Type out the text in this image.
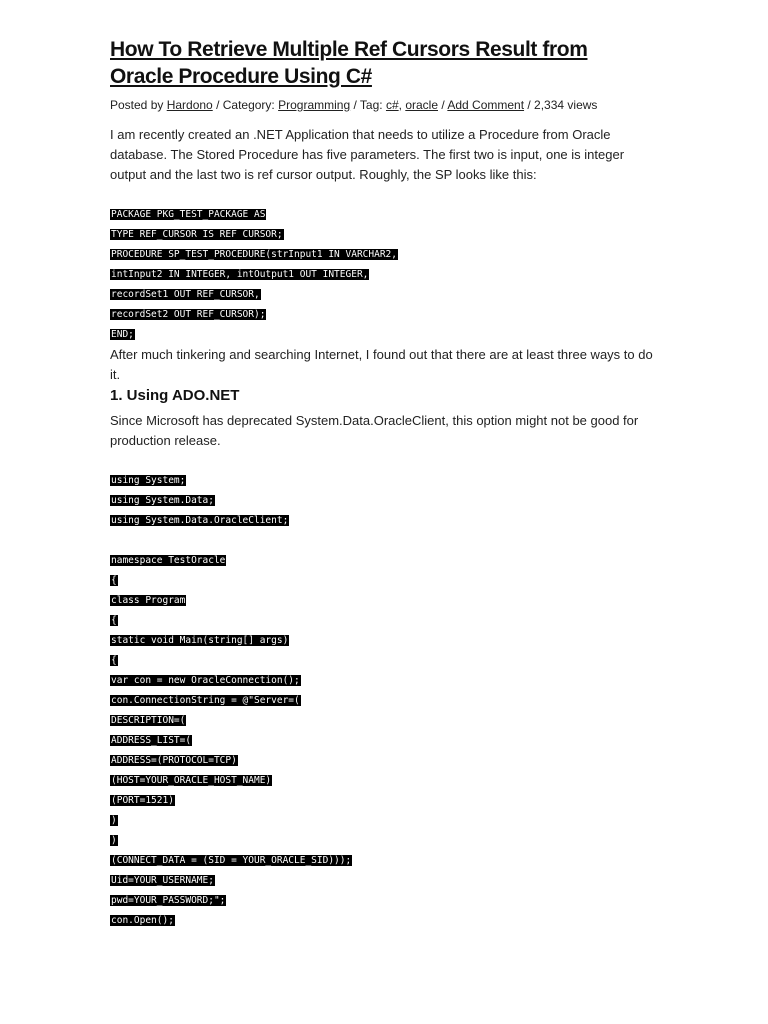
How To Retrieve Multiple Ref Cursors Result from Oracle Procedure Using C#
Posted by Hardono / Category: Programming / Tag: c#, oracle / Add Comment / 2,334 views

I am recently created an .NET Application that needs to utilize a Procedure from Oracle database. The Stored Procedure has five parameters. The first two is input, one is integer output and the last two is ref cursor output. Roughly, the SP looks like this:

PACKAGE PKG_TEST_PACKAGE AS
TYPE REF_CURSOR IS REF CURSOR;
PROCEDURE SP_TEST_PROCEDURE(strInput1 IN VARCHAR2,
intInput2 IN INTEGER, intOutput1 OUT INTEGER,
recordSet1 OUT REF_CURSOR,
recordSet2 OUT REF_CURSOR);
END;

After much tinkering and searching Internet, I found out that there are at least three ways to do it.

1. Using ADO.NET

Since Microsoft has deprecated System.Data.OracleClient, this option might not be good for production release.

using System;
using System.Data;
using System.Data.OracleClient;
namespace TestOracle
{
class Program
{
static void Main(string[] args)
{
var con = new OracleConnection();
con.ConnectionString = @"Server=(
DESCRIPTION=(
ADDRESS_LIST=(
ADDRESS=(PROTOCOL=TCP)
(HOST=YOUR_ORACLE_HOST_NAME)
(PORT=1521)
)
)
(CONNECT_DATA = (SID = YOUR_ORACLE_SID)));
Uid=YOUR_USERNAME;
pwd=YOUR_PASSWORD;";
con.Open();
